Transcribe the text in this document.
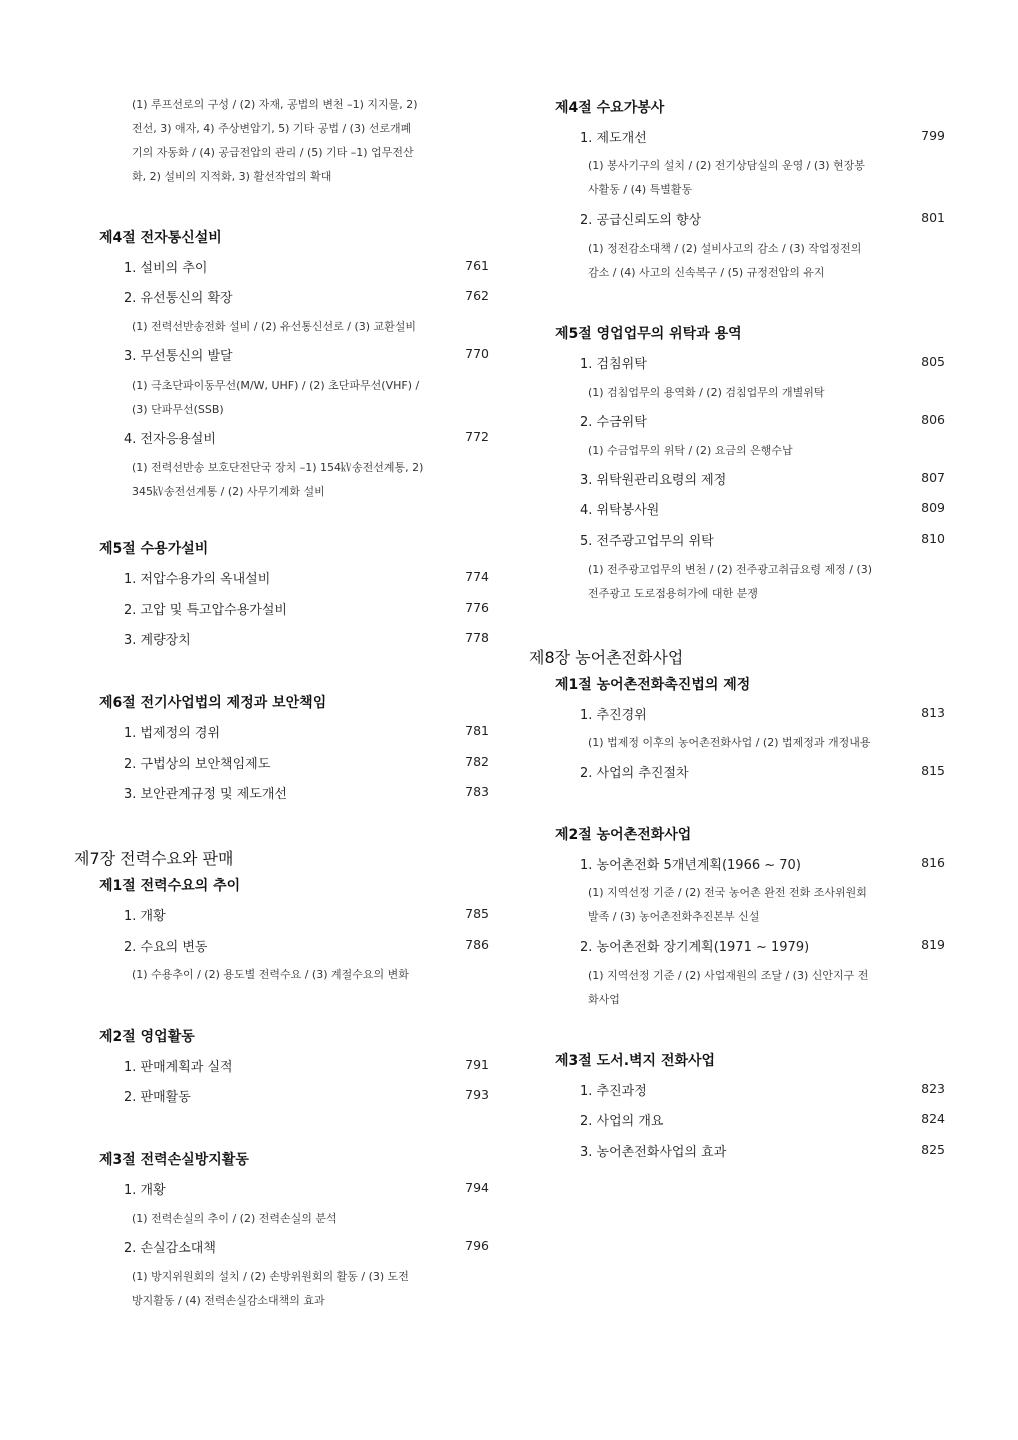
(1) 루프선로의 구성 / (2) 자재, 공법의 변천 –1) 지지물, 2)
전선, 3) 애자, 4) 주상변압기, 5) 기타 공법 / (3) 선로개폐
기의 자동화 / (4) 공급전압의 관리 / (5) 기타 –1) 업무전산
화, 2) 설비의 지적화, 3) 활선작업의 확대
제4절 전자통신설비
1. 설비의 추이	761
2. 유선통신의 확장	762
(1) 전력선반송전화 설비 / (2) 유선통신선로 / (3) 교환설비
3. 무선통신의 발달	770
(1) 극초단파이동무선(M/W, UHF) / (2) 초단파무선(VHF) /
(3) 단파무선(SSB)
4. 전자응용설비	772
(1) 전력선반송 보호단전단국 장치 –1) 154㎸송전선계통, 2)
345㎸송전선계통 / (2) 사무기계화 설비
제5절 수용가설비
1. 저압수용가의 옥내설비	774
2. 고압 및 특고압수용가설비	776
3. 계량장치	778
제6절 전기사업법의 제정과 보안책임
1. 법제정의 경위	781
2. 구법상의 보안책임제도	782
3. 보안관계규정 및 제도개선	783
제7장 전력수요와 판매
제1절 전력수요의 추이
1. 개황	785
2. 수요의 변동	786
(1) 수용추이 / (2) 용도별 전력수요 / (3) 계절수요의 변화
제2절 영업활동
1. 판매계획과 실적	791
2. 판매활동	793
제3절 전력손실방지활동
1. 개황	794
(1) 전력손실의 추이 / (2) 전력손실의 분석
2. 손실감소대책	796
(1) 방지위원회의 설치 / (2) 손방위원회의 활동 / (3) 도전
방지활동 / (4) 전력손실감소대책의 효과
제4절 수요가봉사
1. 제도개선	799
(1) 봉사기구의 설치 / (2) 전기상담실의 운영 / (3) 현장봉
사활동 / (4) 특별활동
2. 공급신뢰도의 향상	801
(1) 정전감소대책 / (2) 설비사고의 감소 / (3) 작업정전의
감소 / (4) 사고의 신속복구 / (5) 규정전압의 유지
제5절 영업업무의 위탁과 용역
1. 검침위탁	805
(1) 검침업무의 용역화 / (2) 검침업무의 개별위탁
2. 수금위탁	806
(1) 수금업무의 위탁 / (2) 요금의 은행수납
3. 위탁원관리요령의 제정	807
4. 위탁봉사원	809
5. 전주광고업무의 위탁	810
(1) 전주광고업무의 변천 / (2) 전주광고취급요령 제정 / (3)
전주광고 도로점용허가에 대한 분쟁
제8장 농어촌전화사업
제1절 농어촌전화촉진법의 제정
1. 추진경위	813
(1) 법제정 이후의 농어촌전화사업 / (2) 법제정과 개정내용
2. 사업의 추진절차	815
제2절 농어촌전화사업
1. 농어촌전화 5개년계획(1966 ~ 70)	816
(1) 지역선정 기준 / (2) 전국 농어촌 완전 전화 조사위원회
발족 / (3) 농어촌전화추진본부 신설
2. 농어촌전화 장기계획(1971 ~ 1979)	819
(1) 지역선정 기준 / (2) 사업재원의 조달 / (3) 신안지구 전
화사업
제3절 도서.벽지 전화사업
1. 추진과정	823
2. 사업의 개요	824
3. 농어촌전화사업의 효과	825
